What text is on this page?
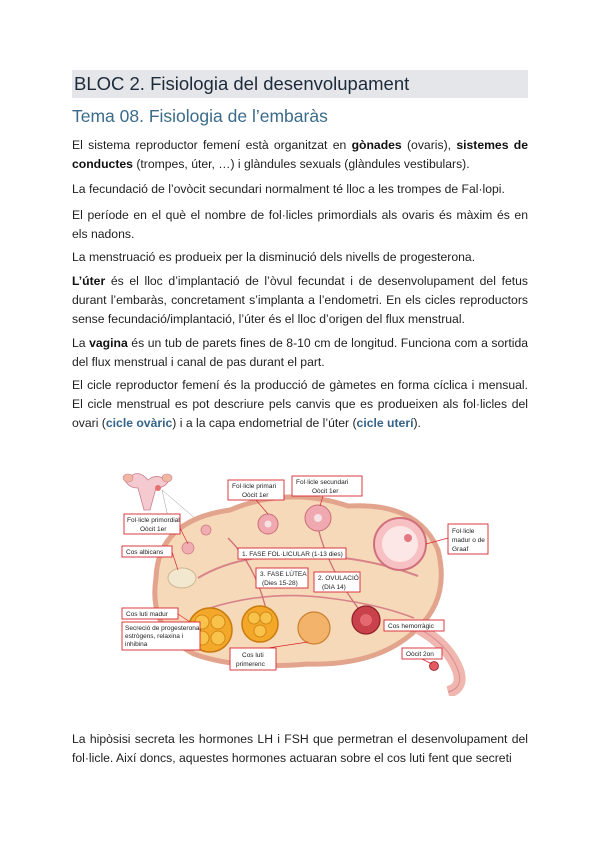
BLOC 2. Fisiologia del desenvolupament
Tema 08. Fisiologia de l’embaràs

El sistema reproductor femení està organitzat en gònades (ovaris), sistemes de conductes (trompes, úter, …) i glàndules sexuals (glàndules vestibulars).

La fecundació de l’ovòcit secundari normalment té lloc a les trompes de Fal·lopi.

El període en el què el nombre de fol·licles primordials als ovaris és màxim és en els nadons.

La menstruació es produeix per la disminució dels nivells de progesterona.

L’úter és el lloc d’implantació de l’òvul fecundat i de desenvolupament del fetus durant l’embaràs, concretament s’implanta a l’endometri. En els cicles reproductors sense fecundació/implantació, l’úter és el lloc d’origen del flux menstrual.

La vagina és un tub de parets fines de 8-10 cm de longitud. Funciona com a sortida del flux menstrual i canal de pas durant el part.

El cicle reproductor femení és la producció de gàmetes en forma cíclica i mensual. El cicle menstrual es pot descriure pels canvis que es produeixen als fol·licles del ovari (cicle ovàric) i a la capa endometrial de l’úter (cicle uterí).

Fol·licle primari
Oòcit 1er
Fol·licle secundari
Oòcit 1er
Fol·licle primordial
Oòcit 1er
Cos albicans	1. FASE FOL·LICULAR (1-13 dies)
Fol·licle
madur o de
Graaf
3. FASE LÚTEA
(Dies 15-28)
2. OVULACIÓ
(DIA 14)
Cos luti madur
Secreció de progesterona,
estrògens, relaxina i
inhibina
Cos hemorràgic
Cos luti
primerenc
Oòcit 2on

La hipòsisi secreta les hormones LH i FSH que permetran el desenvolupament del fol·licle. Així doncs, aquestes hormones actuaran sobre el cos luti fent que secreti
